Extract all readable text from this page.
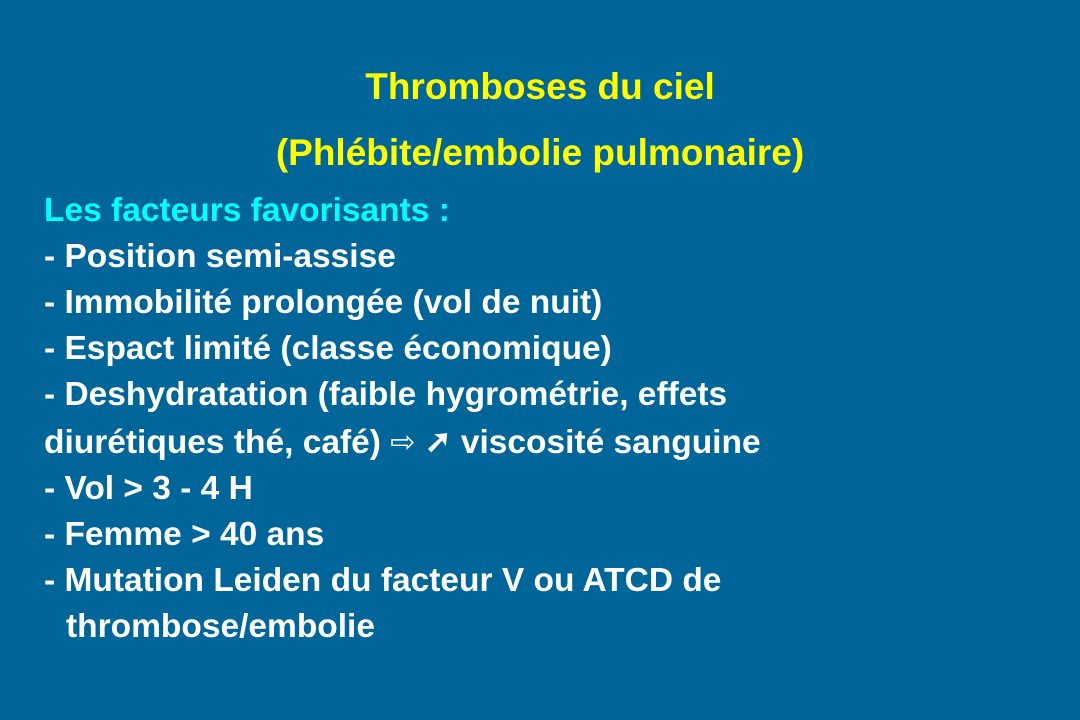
Thromboses du ciel
(Phlébite/embolie pulmonaire)
Les facteurs favorisants :
- Position semi-assise
- Immobilité prolongée (vol de nuit)
- Espact limité (classe économique)
- Deshydratation (faible hygrométrie, effets
diurétiques thé, café) ⇨ ➚ viscosité sanguine
- Vol > 3 - 4 H
- Femme > 40 ans
- Mutation Leiden du facteur V ou ATCD de
thrombose/embolie
